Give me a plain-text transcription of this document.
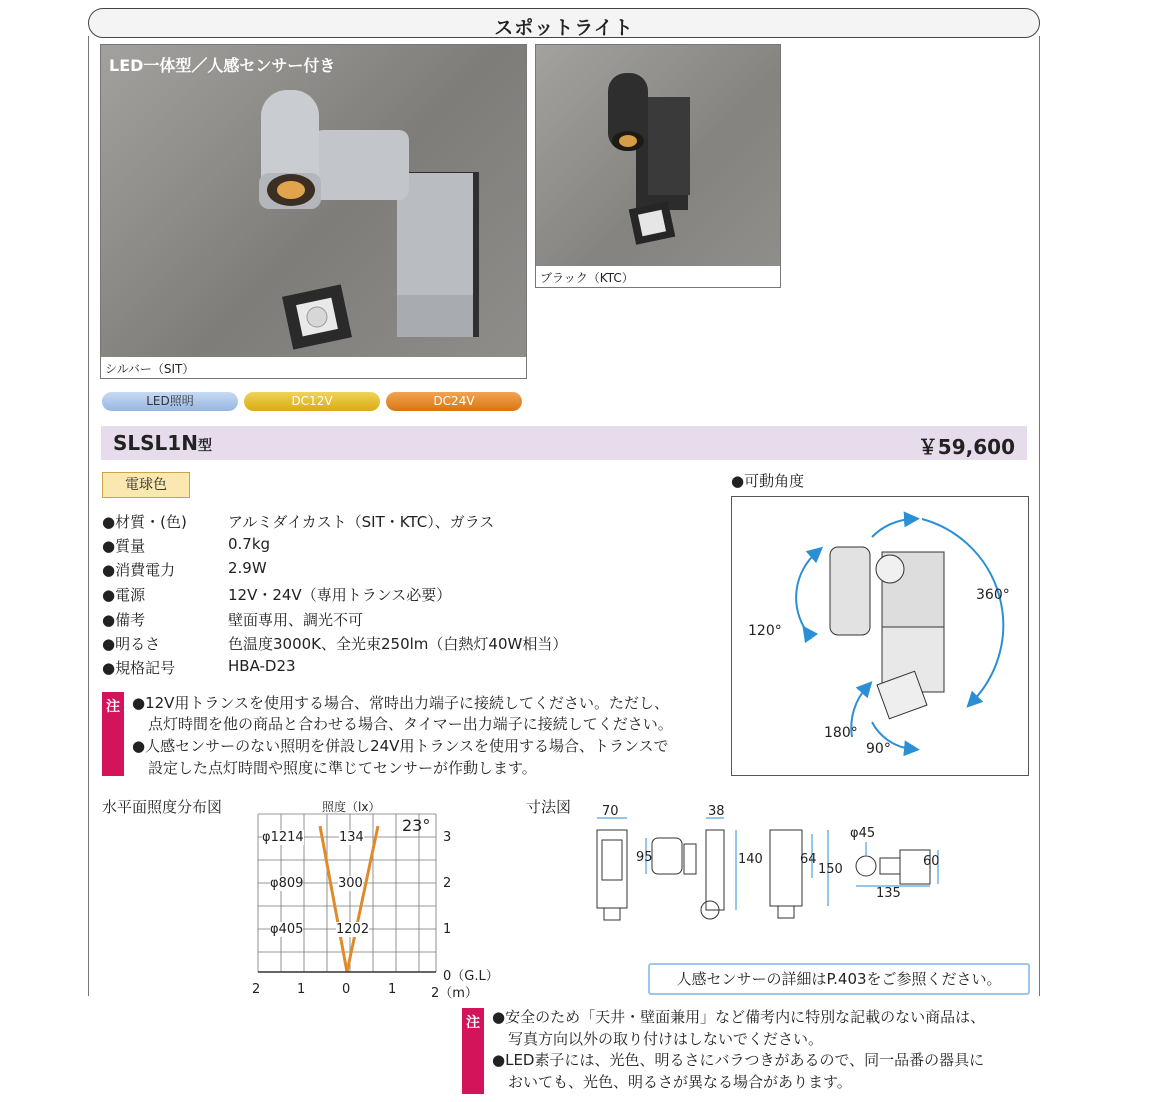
スポットライト
LED一体型／人感センサー付き
シルバー（SIT）
ブラック（KTC）
LED照明	DC12V	DC24V
SLSL1N型	￥59,600
電球色
●材質・(色)	アルミダイカスト（SIT・KTC）、ガラス
●質量	0.7kg
●消費電力	2.9W
●電源	12V・24V（専用トランス必要）
●備考	壁面専用、調光不可
●明るさ	色温度3000K、全光束250lm（白熱灯40W相当）
●規格記号	HBA-D23
注 ●12V用トランスを使用する場合、常時出力端子に接続してください。ただし、
点灯時間を他の商品と合わせる場合、タイマー出力端子に接続してください。
●人感センサーのない照明を併設し24V用トランスを使用する場合、トランスで
設定した点灯時間や照度に準じてセンサーが作動します。
●可動角度
360°
120°
180°
90°
水平面照度分布図	照度（lx）
23°
φ1214	134
φ809	300
φ405	1202
3
2
1
0（G.L）
2	1	0	1	2（m）
寸法図 70	38
95	140	64
150
φ45
60
135
人感センサーの詳細はP.403をご参照ください。
注 ●安全のため「天井・壁面兼用」など備考内に特別な記載のない商品は、
写真方向以外の取り付けはしないでください。
●LED素子には、光色、明るさにバラつきがあるので、同一品番の器具に
おいても、光色、明るさが異なる場合があります。
